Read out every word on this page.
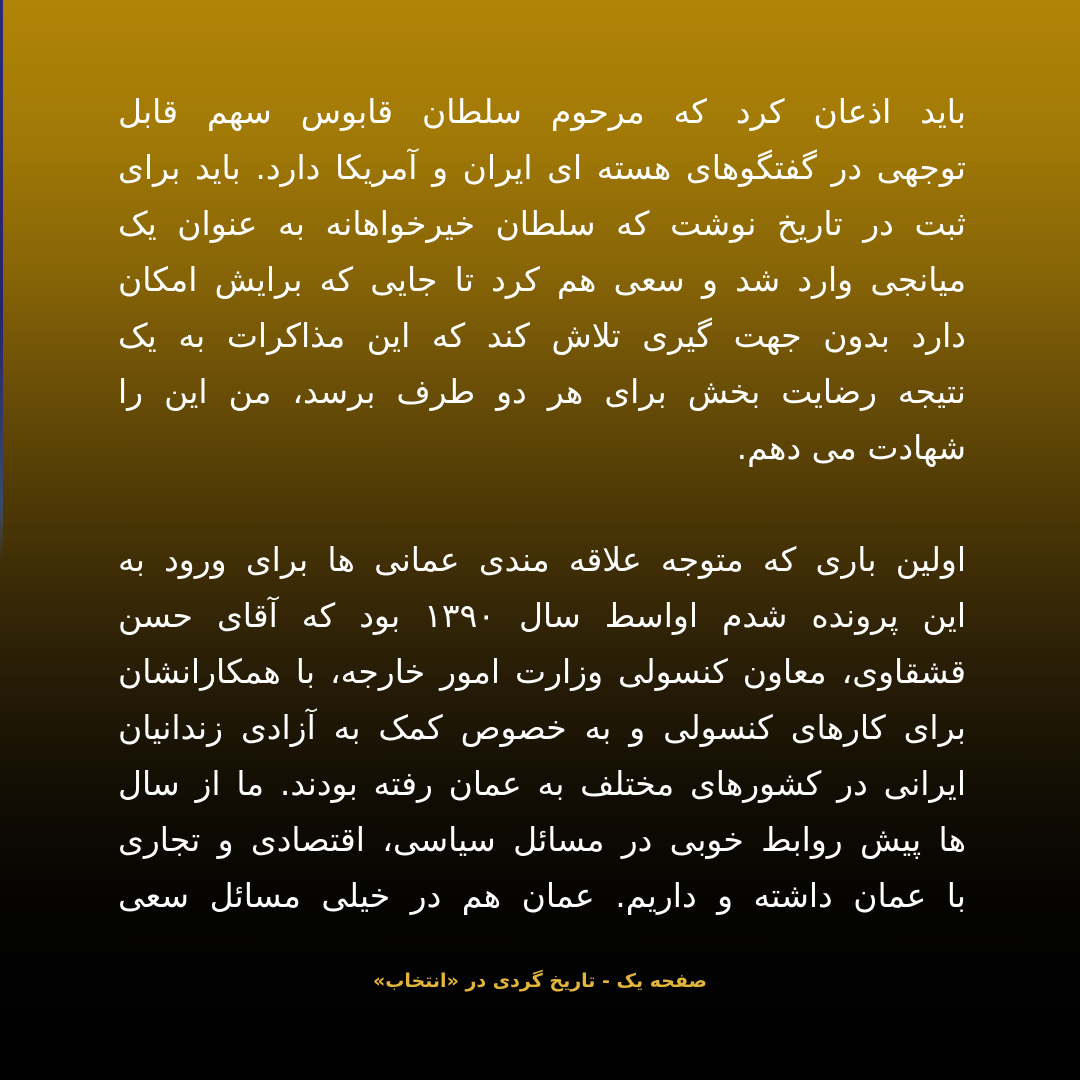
باید اذعان کرد که مرحوم سلطان قابوس سهم قابل
توجهی در گفتگوهای هسته ای ایران و آمریکا دارد. باید برای
ثبت در تاریخ نوشت که سلطان خیرخواهانه به عنوان یک
میانجی وارد شد و سعی هم کرد تا جایی که برایش امکان
دارد بدون جهت گیری تلاش کند که این مذاکرات به یک
نتیجه رضایت بخش برای هر دو طرف برسد، من این را
شهادت می دهم.

اولین باری که متوجه علاقه مندی عمانی ها برای ورود به
این پرونده شدم اواسط سال ۱۳۹۰ بود که آقای حسن
قشقاوی، معاون کنسولی وزارت امور خارجه، با همکارانشان
برای کارهای کنسولی و به خصوص کمک به آزادی زندانیان
ایرانی در کشورهای مختلف به عمان رفته بودند. ما از سال
ها پیش روابط خوبی در مسائل سیاسی، اقتصادی و تجاری
با عمان داشته و داریم. عمان هم در خیلی مسائل سعی

صفحه یک - تاریخ گردی در «انتخاب»
